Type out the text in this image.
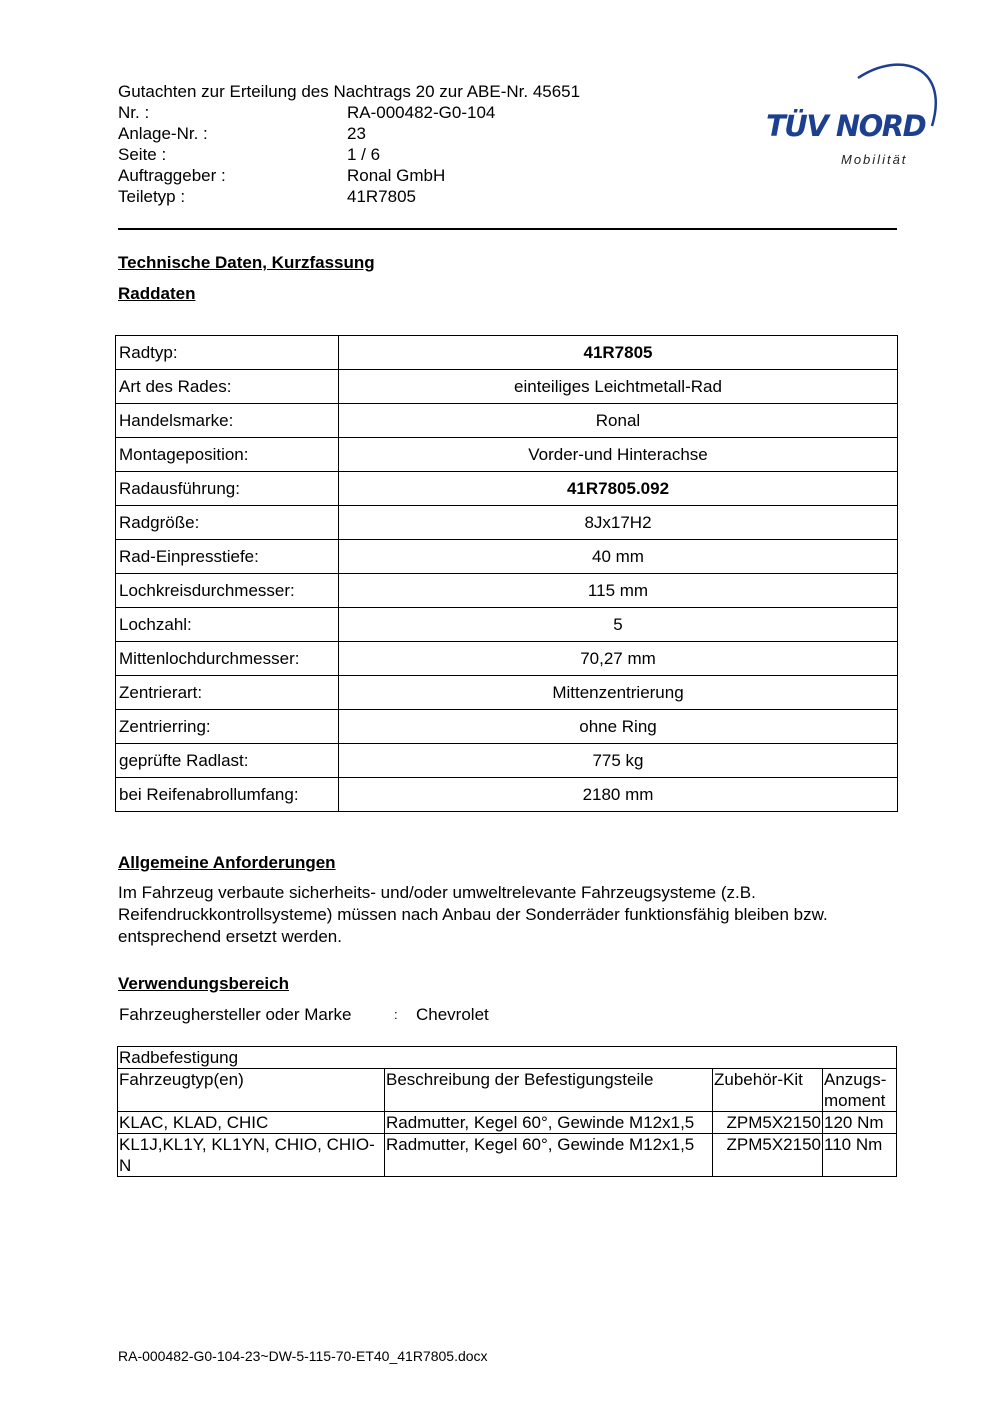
Gutachten zur Erteilung des Nachtrags 20 zur ABE-Nr. 45651
Nr. :	RA-000482-G0-104
Anlage-Nr. :	23
Seite :	1 / 6
Auftraggeber :	Ronal GmbH
Teiletyp :	41R7805
TÜV NORD
Mobilität
Technische Daten, Kurzfassung
Raddaten
Radtyp:	41R7805
Art des Rades:	einteiliges Leichtmetall-Rad
Handelsmarke:	Ronal
Montageposition:	Vorder-und Hinterachse
Radausführung:	41R7805.092
Radgröße:	8Jx17H2
Rad-Einpresstiefe:	40 mm
Lochkreisdurchmesser:	115 mm
Lochzahl:	5
Mittenlochdurchmesser:	70,27 mm
Zentrierart:	Mittenzentrierung
Zentrierring:	ohne Ring
geprüfte Radlast:	775 kg
bei Reifenabrollumfang:	2180 mm
Allgemeine Anforderungen
Im Fahrzeug verbaute sicherheits- und/oder umweltrelevante Fahrzeugsysteme (z.B. Reifendruckkontrollsysteme) müssen nach Anbau der Sonderräder funktionsfähig bleiben bzw. entsprechend ersetzt werden.
Verwendungsbereich
Fahrzeughersteller oder Marke	: Chevrolet
Radbefestigung			
Fahrzeugtyp(en)	Beschreibung der Befestigungsteile	Zubehör-Kit	Anzugs-moment
KLAC, KLAD, CHIC	Radmutter, Kegel 60°, Gewinde M12x1,5	ZPM5X2150	120 Nm
KL1J,KL1Y, KL1YN, CHIO, CHIO-N	Radmutter, Kegel 60°, Gewinde M12x1,5	ZPM5X2150	110 Nm
RA-000482-G0-104-23~DW-5-115-70-ET40_41R7805.docx
